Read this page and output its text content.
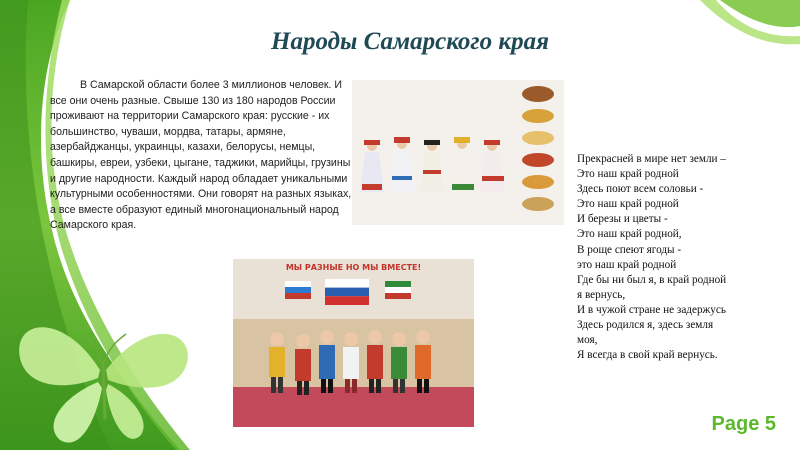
Народы Самарского края

В Самарской области более 3 миллионов человек. И все они очень разные. Свыше 130 из 180 народов России проживают на территории Самарского края: русские - их большинство, чуваши, мордва, татары, армяне, азербайджанцы, украинцы, казахи, белорусы, немцы, башкиры, евреи, узбеки, цыгане, таджики, марийцы, грузины и другие народности. Каждый народ обладает уникальными культурными особенностями. Они говорят на разных языках, а все вместе образуют единый многонациональный народ Самарского края.

МЫ РАЗНЫЕ НО МЫ ВМЕСТЕ!
Прекрасней в мире нет земли –
Это наш край родной
Здесь поют всем соловьи -
Это наш край родной
И березы и цветы -
Это наш край родной,
В роще спеют ягоды -
это наш край родной
Где бы ни был я, в край родной
я вернусь,
И в чужой стране не задержусь
Здесь родился я, здесь земля
моя,
Я всегда в свой край вернусь.

Page 5
